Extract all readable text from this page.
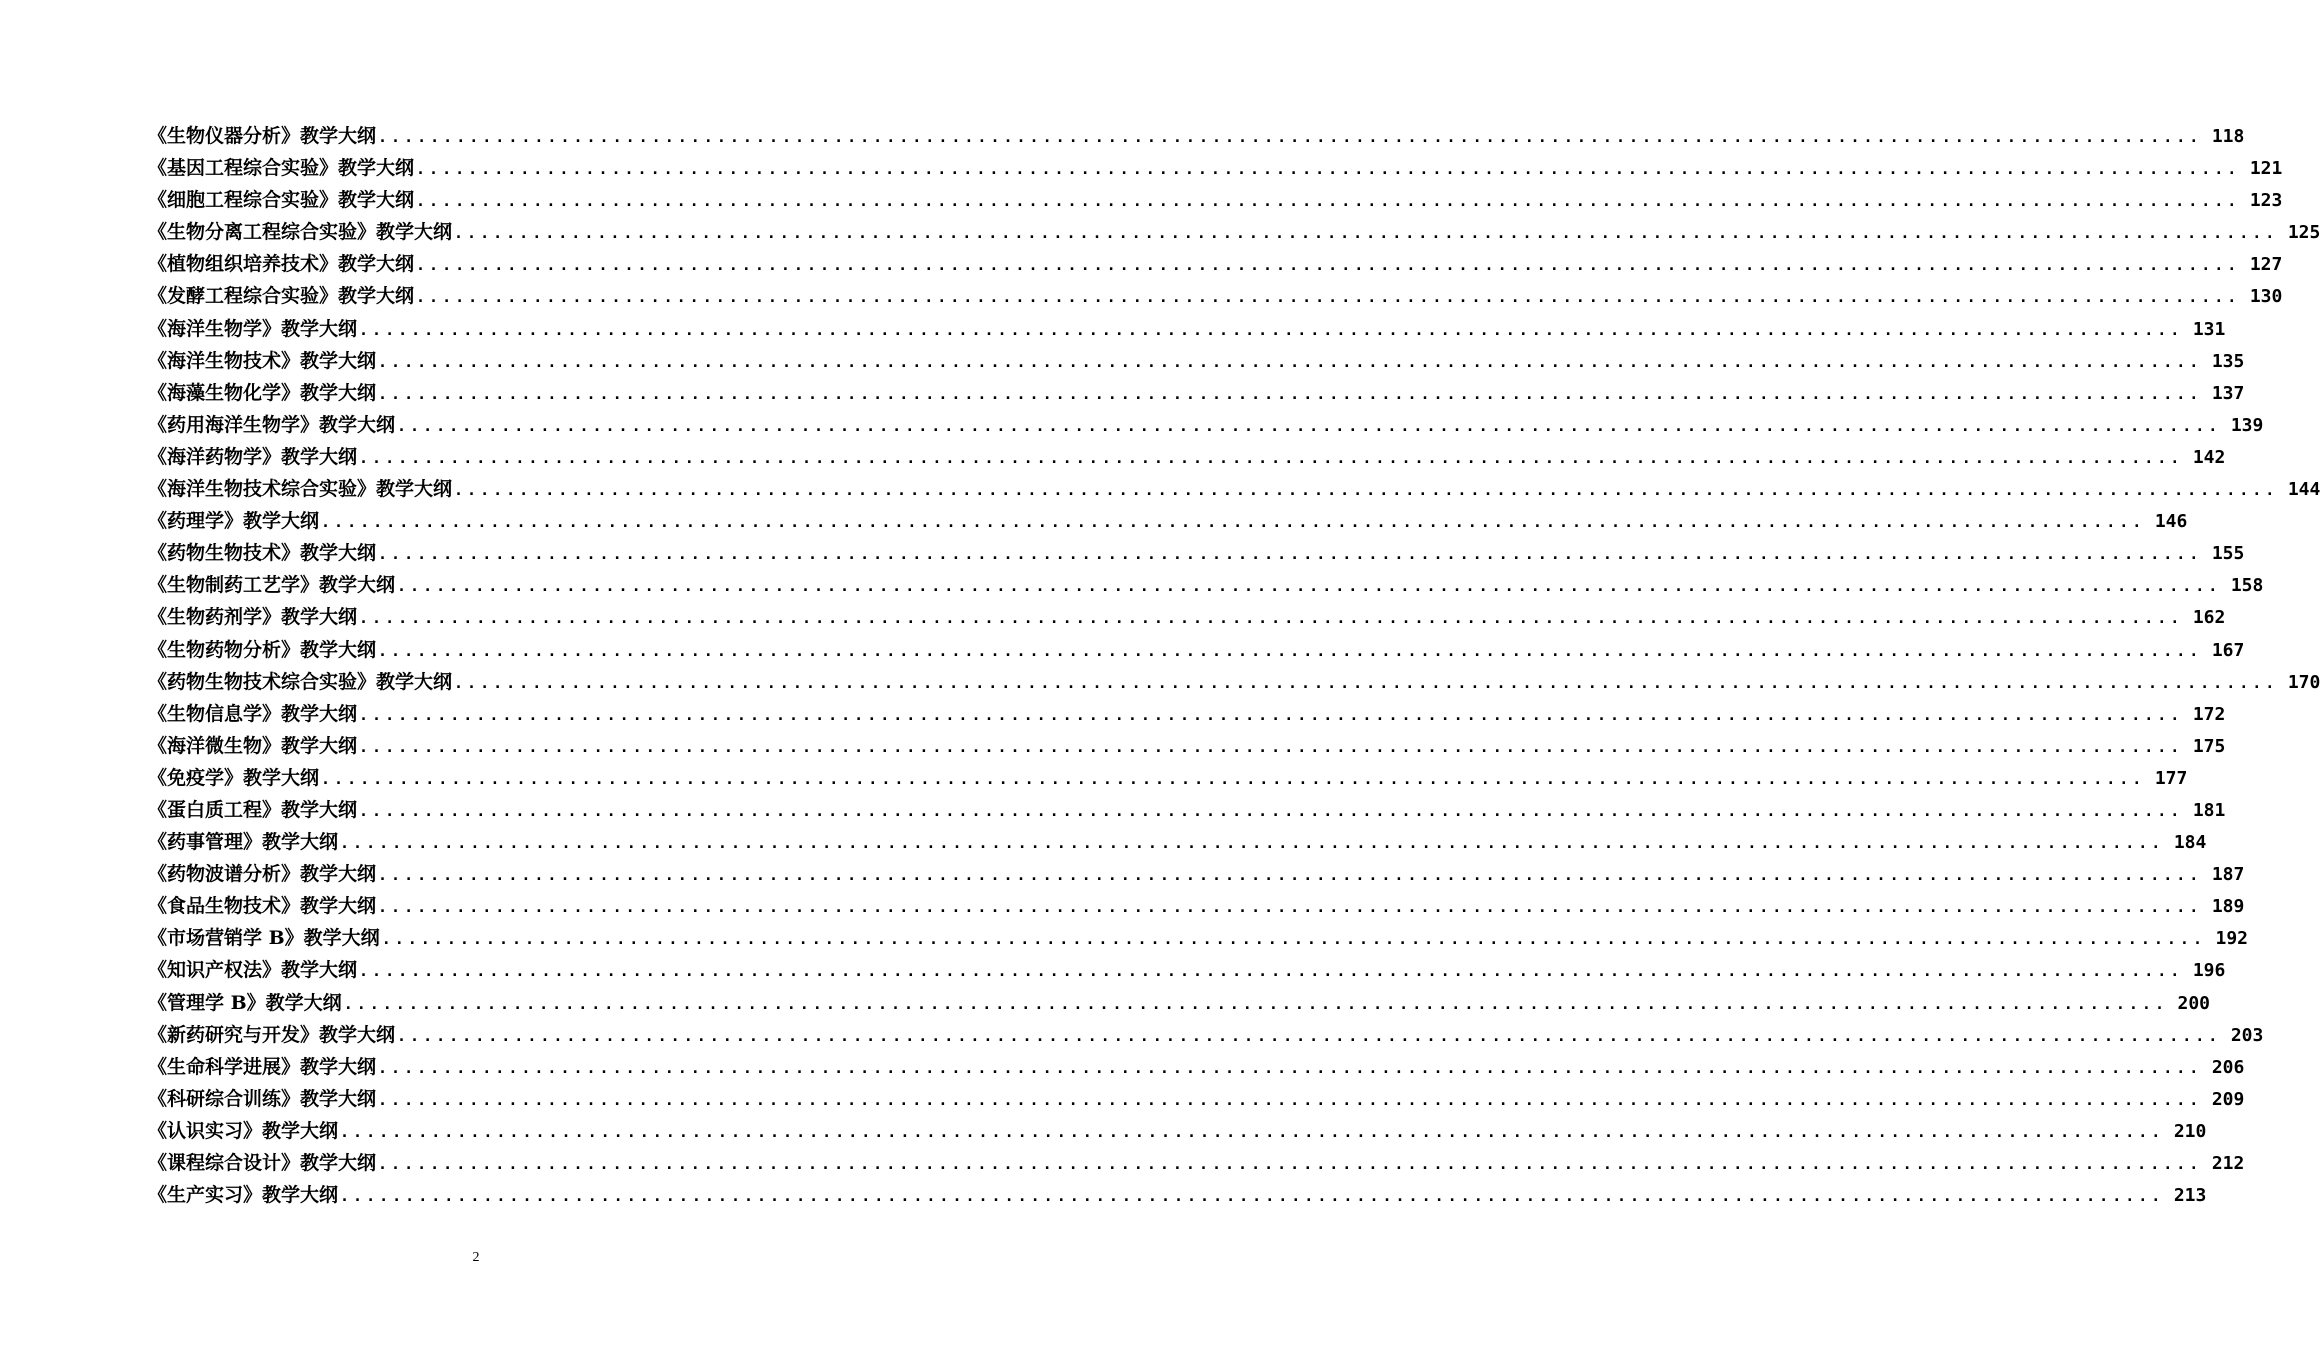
《生物仪器分析》教学大纲 ............................................................................................................................................ 118
《基因工程综合实验》教学大纲 ............................................................................................................................................ 121
《细胞工程综合实验》教学大纲 ............................................................................................................................................ 123
《生物分离工程综合实验》教学大纲 ............................................................................................................................................ 125
《植物组织培养技术》教学大纲 ............................................................................................................................................ 127
《发酵工程综合实验》教学大纲 ............................................................................................................................................ 130
《海洋生物学》教学大纲 ............................................................................................................................................ 131
《海洋生物技术》教学大纲 ............................................................................................................................................ 135
《海藻生物化学》教学大纲 ............................................................................................................................................ 137
《药用海洋生物学》教学大纲 ............................................................................................................................................ 139
《海洋药物学》教学大纲 ............................................................................................................................................ 142
《海洋生物技术综合实验》教学大纲 ............................................................................................................................................ 144
《药理学》教学大纲 ............................................................................................................................................ 146
《药物生物技术》教学大纲 ............................................................................................................................................ 155
《生物制药工艺学》教学大纲 ............................................................................................................................................ 158
《生物药剂学》教学大纲 ............................................................................................................................................ 162
《生物药物分析》教学大纲 ............................................................................................................................................ 167
《药物生物技术综合实验》教学大纲 ............................................................................................................................................ 170
《生物信息学》教学大纲 ............................................................................................................................................ 172
《海洋微生物》教学大纲 ............................................................................................................................................ 175
《免疫学》教学大纲 ............................................................................................................................................ 177
《蛋白质工程》教学大纲 ............................................................................................................................................ 181
《药事管理》教学大纲 ............................................................................................................................................ 184
《药物波谱分析》教学大纲 ............................................................................................................................................ 187
《食品生物技术》教学大纲 ............................................................................................................................................ 189
《市场营销学 B》教学大纲 ............................................................................................................................................ 192
《知识产权法》教学大纲 ............................................................................................................................................ 196
《管理学 B》教学大纲 ............................................................................................................................................ 200
《新药研究与开发》教学大纲 ............................................................................................................................................ 203
《生命科学进展》教学大纲 ............................................................................................................................................ 206
《科研综合训练》教学大纲 ............................................................................................................................................ 209
《认识实习》教学大纲 ............................................................................................................................................ 210
《课程综合设计》教学大纲 ............................................................................................................................................ 212
《生产实习》教学大纲 ............................................................................................................................................ 213
2
